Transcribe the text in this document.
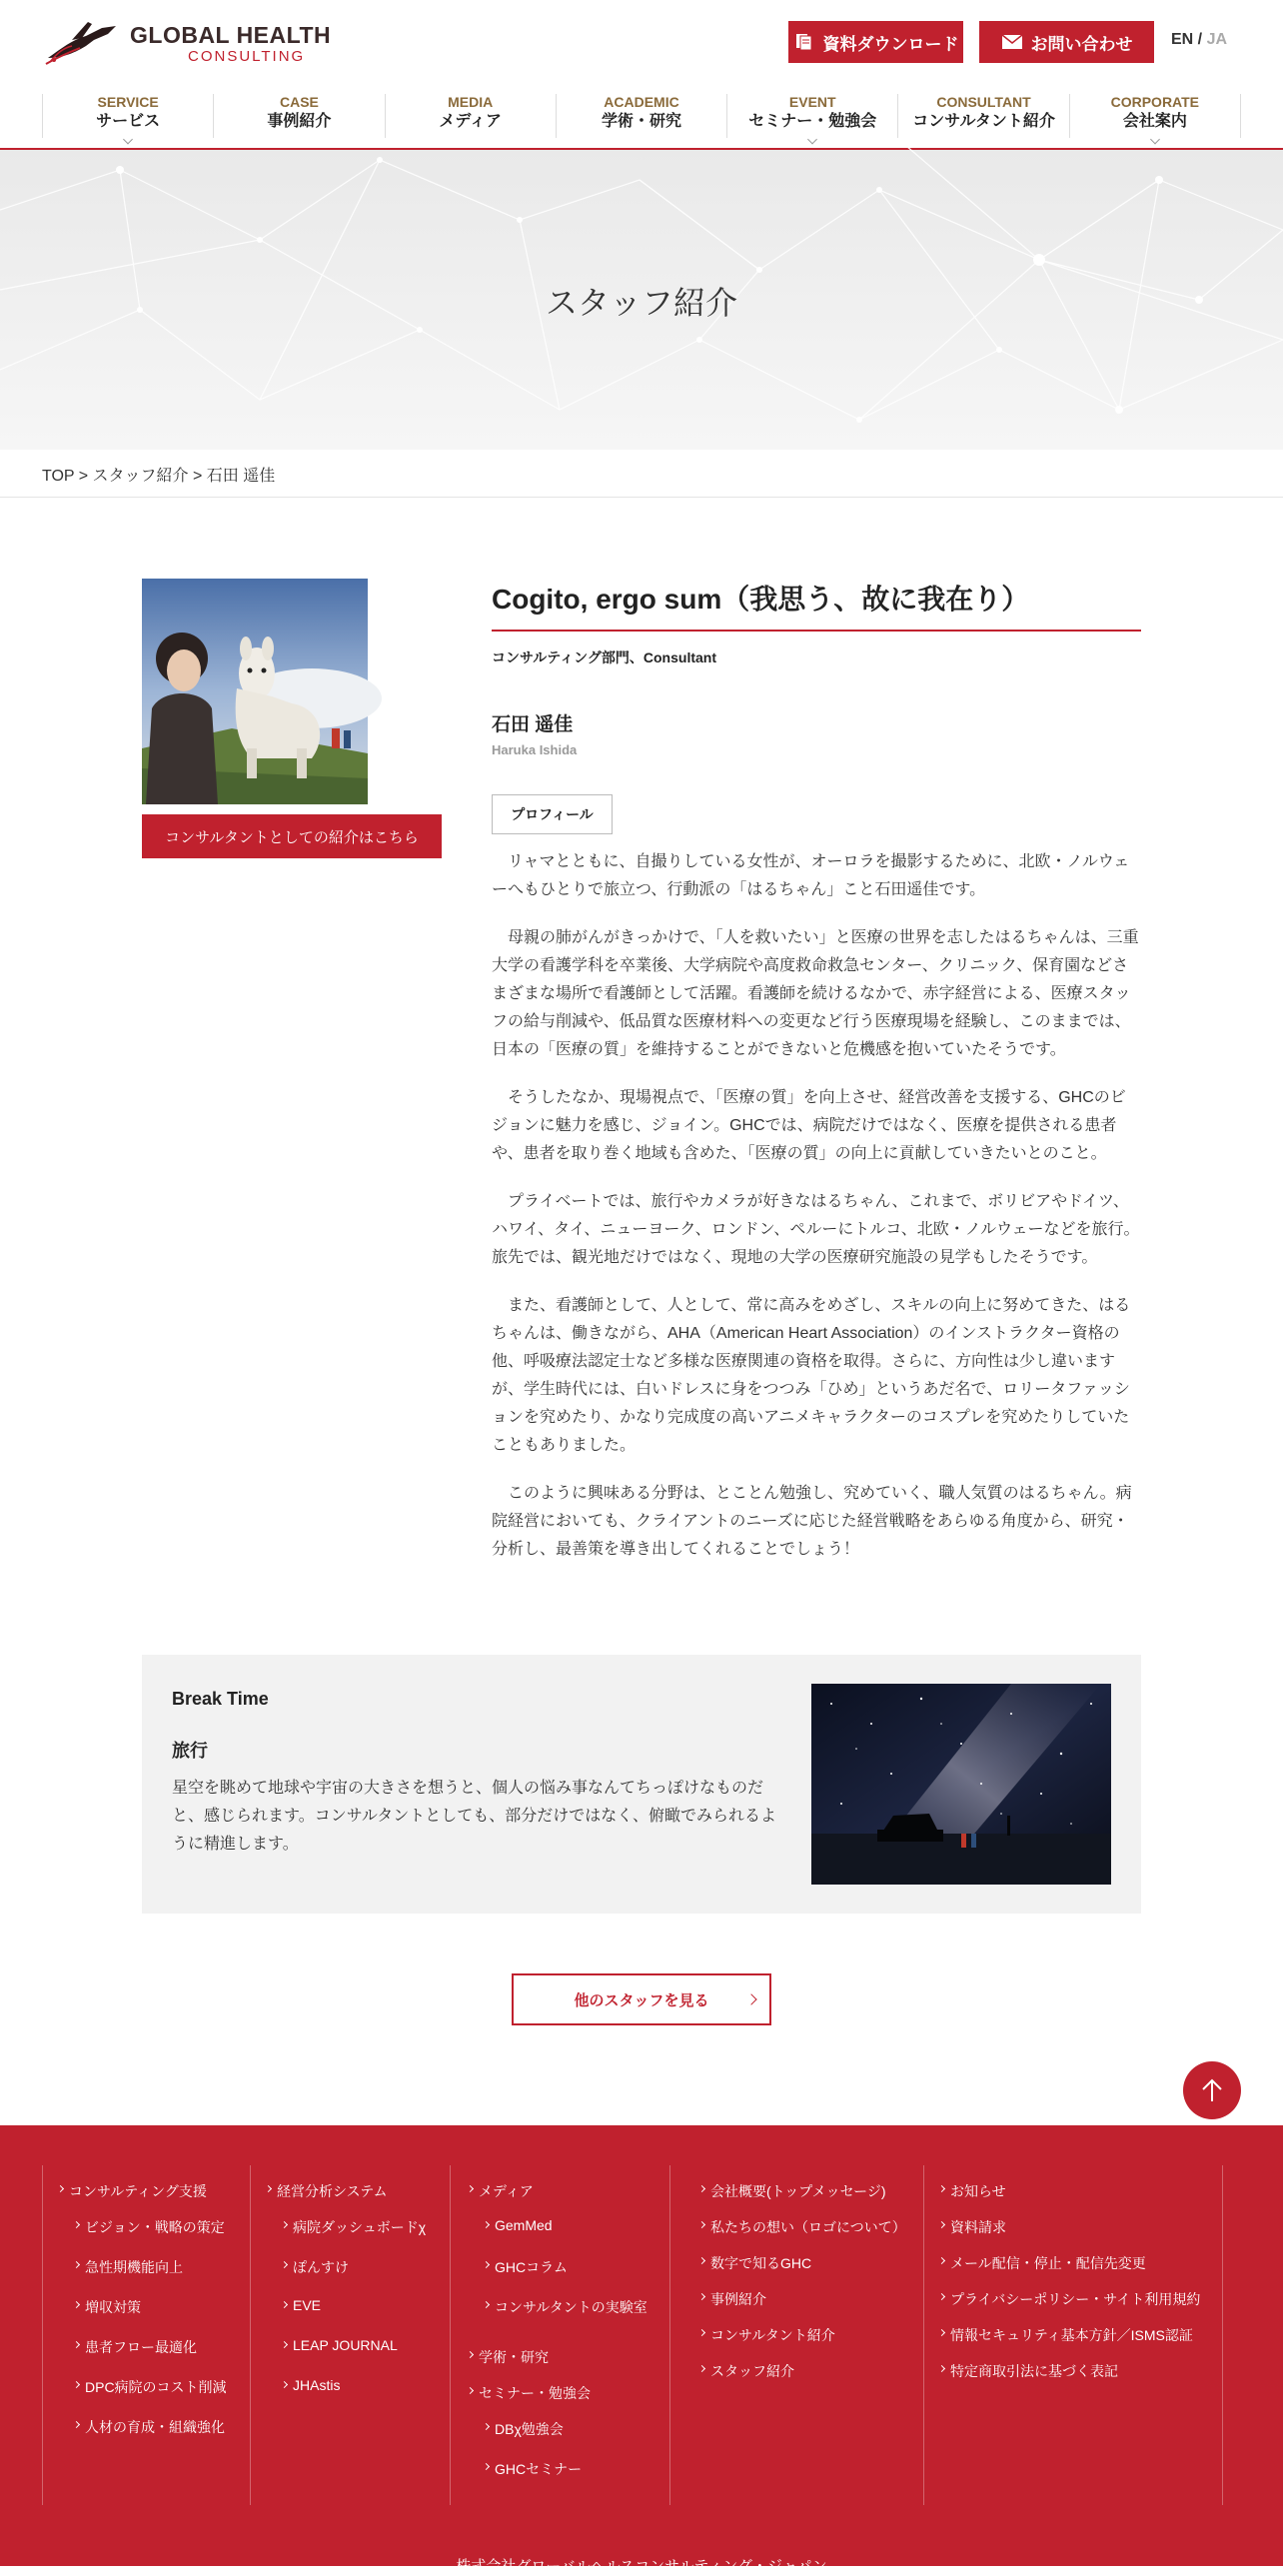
GLOBAL HEALTH
CONSULTING
資料ダウンロード	お問い合わせ EN / JA
SERVICE
サービス
CASE
事例紹介
MEDIA
メディア
ACADEMIC
学術・研究
EVENT
セミナー・勉強会
CONSULTANT
コンサルタント紹介
CORPORATE
会社案内
スタッフ紹介
TOP > スタッフ紹介 > 石田 遥佳
コンサルタントとしての紹介はこちら
Cogito, ergo sum（我思う、故に我在り）
コンサルティング部門、Consultant
石田 遥佳
Haruka Ishida
プロフィール

リャマとともに、自撮りしている女性が、オーロラを撮影するために、北欧・ノルウェーへもひとりで旅立つ、行動派の「はるちゃん」こと石田遥佳です。

母親の肺がんがきっかけで、「人を救いたい」と医療の世界を志したはるちゃんは、三重大学の看護学科を卒業後、大学病院や高度救命救急センター、クリニック、保育園などさまざまな場所で看護師として活躍。看護師を続けるなかで、赤字経営による、医療スタッフの給与削減や、低品質な医療材料への変更など行う医療現場を経験し、このままでは、日本の「医療の質」を維持することができないと危機感を抱いていたそうです。

そうしたなか、現場視点で、「医療の質」を向上させ、経営改善を支援する、GHCのビジョンに魅力を感じ、ジョイン。GHCでは、病院だけではなく、医療を提供される患者や、患者を取り巻く地域も含めた、「医療の質」の向上に貢献していきたいとのこと。

プライベートでは、旅行やカメラが好きなはるちゃん、これまで、ボリビアやドイツ、ハワイ、タイ、ニューヨーク、ロンドン、ペルーにトルコ、北欧・ノルウェーなどを旅行。旅先では、観光地だけではなく、現地の大学の医療研究施設の見学もしたそうです。

また、看護師として、人として、常に高みをめざし、スキルの向上に努めてきた、はるちゃんは、働きながら、AHA（American Heart Association）のインストラクター資格の他、呼吸療法認定士など多様な医療関連の資格を取得。さらに、方向性は少し違いますが、学生時代には、白いドレスに身をつつみ「ひめ」というあだ名で、ロリータファッションを究めたり、かなり完成度の高いアニメキャラクターのコスプレを究めたりしていたこともありました。

このように興味ある分野は、とことん勉強し、究めていく、職人気質のはるちゃん。病院経営においても、クライアントのニーズに応じた経営戦略をあらゆる角度から、研究・分析し、最善策を導き出してくれることでしょう！

Break Time
旅行
星空を眺めて地球や宇宙の大きさを想うと、個人の悩み事なんてちっぽけなものだと、感じられます。コンサルタントとしても、部分だけではなく、俯瞰でみられるように精進します。
他のスタッフを見る
コンサルティング支援
ビジョン・戦略の策定
急性期機能向上
増収対策
患者フロー最適化
DPC病院のコスト削減
人材の育成・組織強化
経営分析システム
病院ダッシュボードχ
ぽんすけ
EVE
LEAP JOURNAL
JHAstis
メディア
GemMed
GHCコラム
コンサルタントの実験室
学術・研究
セミナー・勉強会
DBχ勉強会
GHCセミナー
会社概要(トップメッセージ)
私たちの想い（ロゴについて）
数字で知るGHC
事例紹介
コンサルタント紹介
スタッフ紹介
お知らせ
資料請求
メール配信・停止・配信先変更
プライバシーポリシー・サイト利用規約
情報セキュリティ基本方針／ISMS認証
特定商取引法に基づく表記
株式会社グローバルヘルスコンサルティング・ジャパン
